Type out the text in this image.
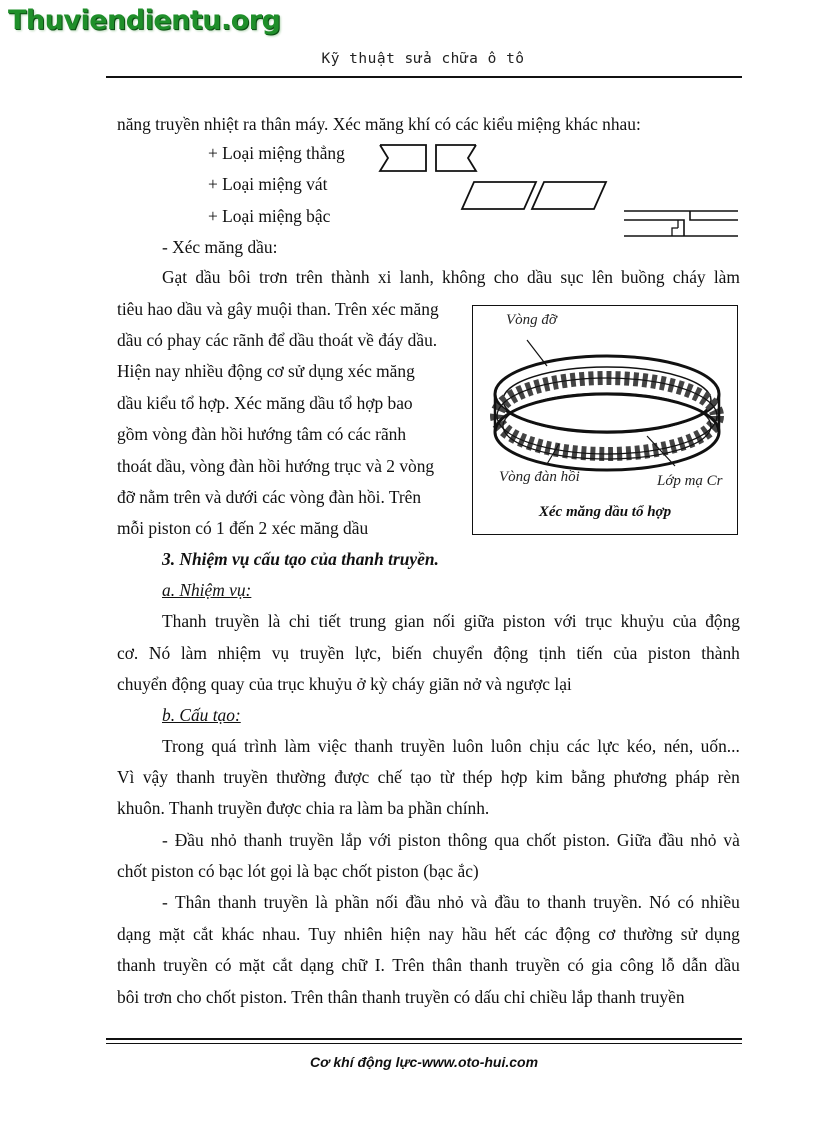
Thuviendientu.org
Kỹ thuật sửa chữa ô tô
năng truyền nhiệt ra thân máy. Xéc măng khí có các kiểu miệng khác nhau:
+ Loại miệng thẳng
+ Loại miệng vát
+ Loại miệng bậc
- Xéc măng dầu:
Gạt dầu bôi trơn trên thành xi lanh, không cho dầu sục lên buồng cháy làm
tiêu hao dầu và gây muội than. Trên xéc măng
dầu có phay các rãnh để dầu thoát về đáy dầu.
Hiện nay nhiều động cơ sử dụng xéc măng
dầu kiểu tổ hợp. Xéc măng dầu tổ hợp bao
gồm vòng đàn hồi hướng tâm có các rãnh
thoát dầu, vòng đàn hồi hướng trục và 2 vòng
đỡ nằm trên và dưới các vòng đàn hồi. Trên
mỗi piston có 1 đến 2 xéc măng dầu
Vòng đỡ
Vòng đàn hồi	Lớp mạ Cr
Xéc măng dầu tổ hợp
3. Nhiệm vụ cấu tạo của thanh truyền.
a. Nhiệm vụ:
Thanh truyền là chi tiết trung gian nối giữa piston với trục khuỷu của động
cơ. Nó làm nhiệm vụ truyền lực, biến chuyển động tịnh tiến của piston thành
chuyển động quay của trục khuỷu ở kỳ cháy giãn nở và ngược lại
b. Cấu tạo:
Trong quá trình làm việc thanh truyền luôn luôn chịu các lực kéo, nén, uốn...
Vì vậy thanh truyền thường được chế tạo từ thép hợp kim bằng phương pháp rèn
khuôn. Thanh truyền được chia ra làm ba phần chính.
- Đầu nhỏ thanh truyền lắp với piston thông qua chốt piston. Giữa đầu nhỏ và
chốt piston có bạc lót gọi là bạc chốt piston (bạc ắc)
- Thân thanh truyền là phần nối đầu nhỏ và đầu to thanh truyền. Nó có nhiều
dạng mặt cắt khác nhau. Tuy nhiên hiện nay hầu hết các động cơ thường sử dụng
thanh truyền có mặt cắt dạng chữ I. Trên thân thanh truyền có gia công lỗ dẫn dầu
bôi trơn cho chốt piston. Trên thân thanh truyền có dấu chỉ chiều lắp thanh truyền
Cơ khí động lực-www.oto-hui.com
